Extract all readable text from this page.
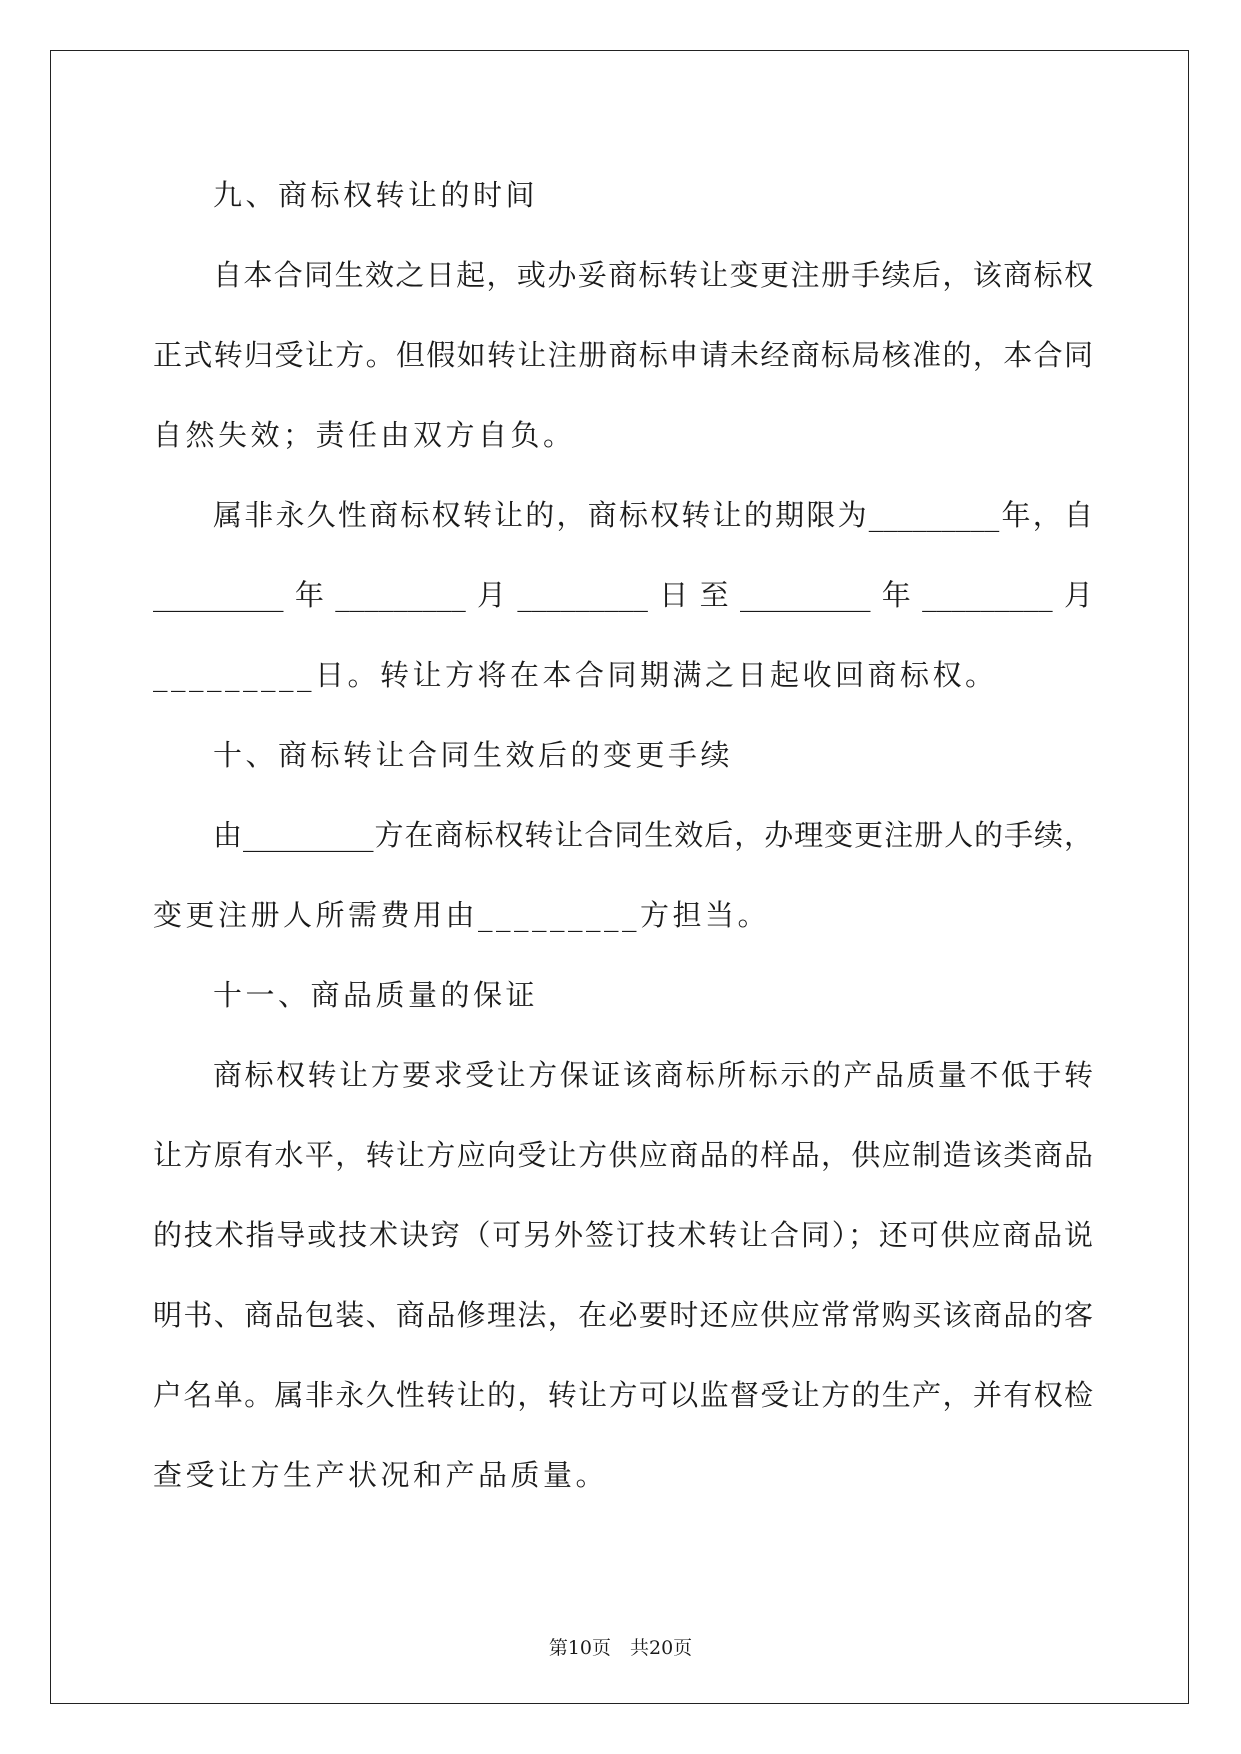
九、商标权转让的时间
自本合同生效之日起，或办妥商标转让变更注册手续后，该商标权
正式转归受让方。但假如转让注册商标申请未经商标局核准的，本合同
自然失效；责任由双方自负。
属非永久性商标权转让的，商标权转让的期限为_________年，自
_________年_________月_________日至_________年_________月
_________日。转让方将在本合同期满之日起收回商标权。
十、商标转让合同生效后的变更手续
由_________方在商标权转让合同生效后，办理变更注册人的手续，
变更注册人所需费用由_________方担当。
十一、商品质量的保证
商标权转让方要求受让方保证该商标所标示的产品质量不低于转
让方原有水平，转让方应向受让方供应商品的样品，供应制造该类商品
的技术指导或技术诀窍（可另外签订技术转让合同）；还可供应商品说
明书、商品包装、商品修理法，在必要时还应供应常常购买该商品的客
户名单。属非永久性转让的，转让方可以监督受让方的生产，并有权检
查受让方生产状况和产品质量。
第10页　共20页
